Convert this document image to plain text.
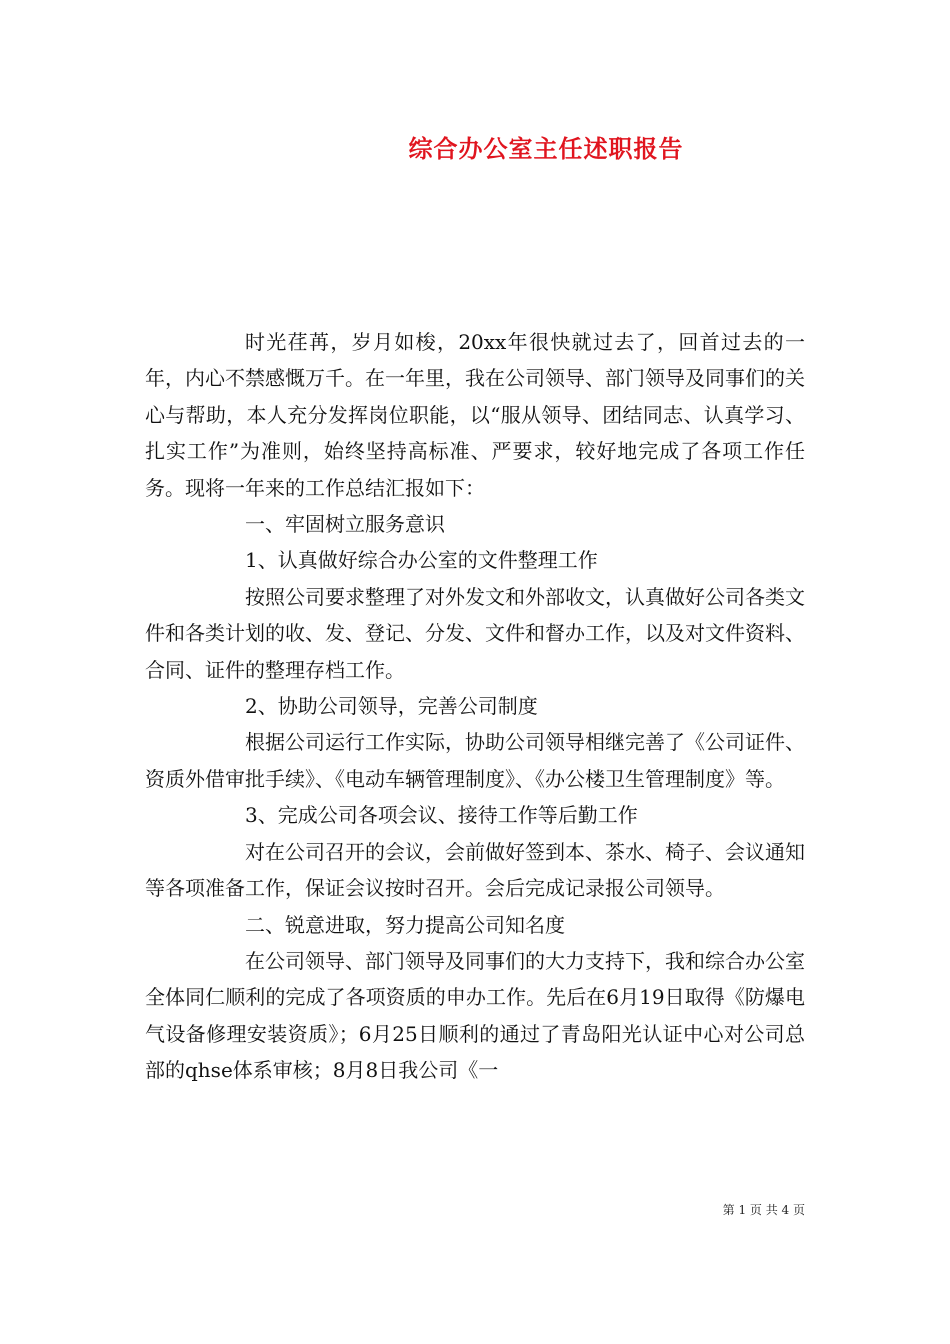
综合办公室主任述职报告

时光荏苒，岁月如梭，20xx年很快就过去了，回首过去的一年，内心不禁感慨万千。在一年里，我在公司领导、部门领导及同事们的关心与帮助，本人充分发挥岗位职能，以“服从领导、团结同志、认真学习、扎实工作”为准则，始终坚持高标准、严要求，较好地完成了各项工作任务。现将一年来的工作总结汇报如下：

一、牢固树立服务意识

1、认真做好综合办公室的文件整理工作

按照公司要求整理了对外发文和外部收文，认真做好公司各类文件和各类计划的收、发、登记、分发、文件和督办工作，以及对文件资料、合同、证件的整理存档工作。

2、协助公司领导，完善公司制度

根据公司运行工作实际，协助公司领导相继完善了《公司证件、资质外借审批手续》、《电动车辆管理制度》、《办公楼卫生管理制度》等。

3、完成公司各项会议、接待工作等后勤工作

对在公司召开的会议，会前做好签到本、茶水、椅子、会议通知等各项准备工作，保证会议按时召开。会后完成记录报公司领导。

二、锐意进取，努力提高公司知名度

在公司领导、部门领导及同事们的大力支持下，我和综合办公室全体同仁顺利的完成了各项资质的申办工作。先后在6月19日取得《防爆电气设备修理安装资质》；6月25日顺利的通过了青岛阳光认证中心对公司总部的qhse体系审核；8月8日我公司《一

第 1 页 共 4 页
